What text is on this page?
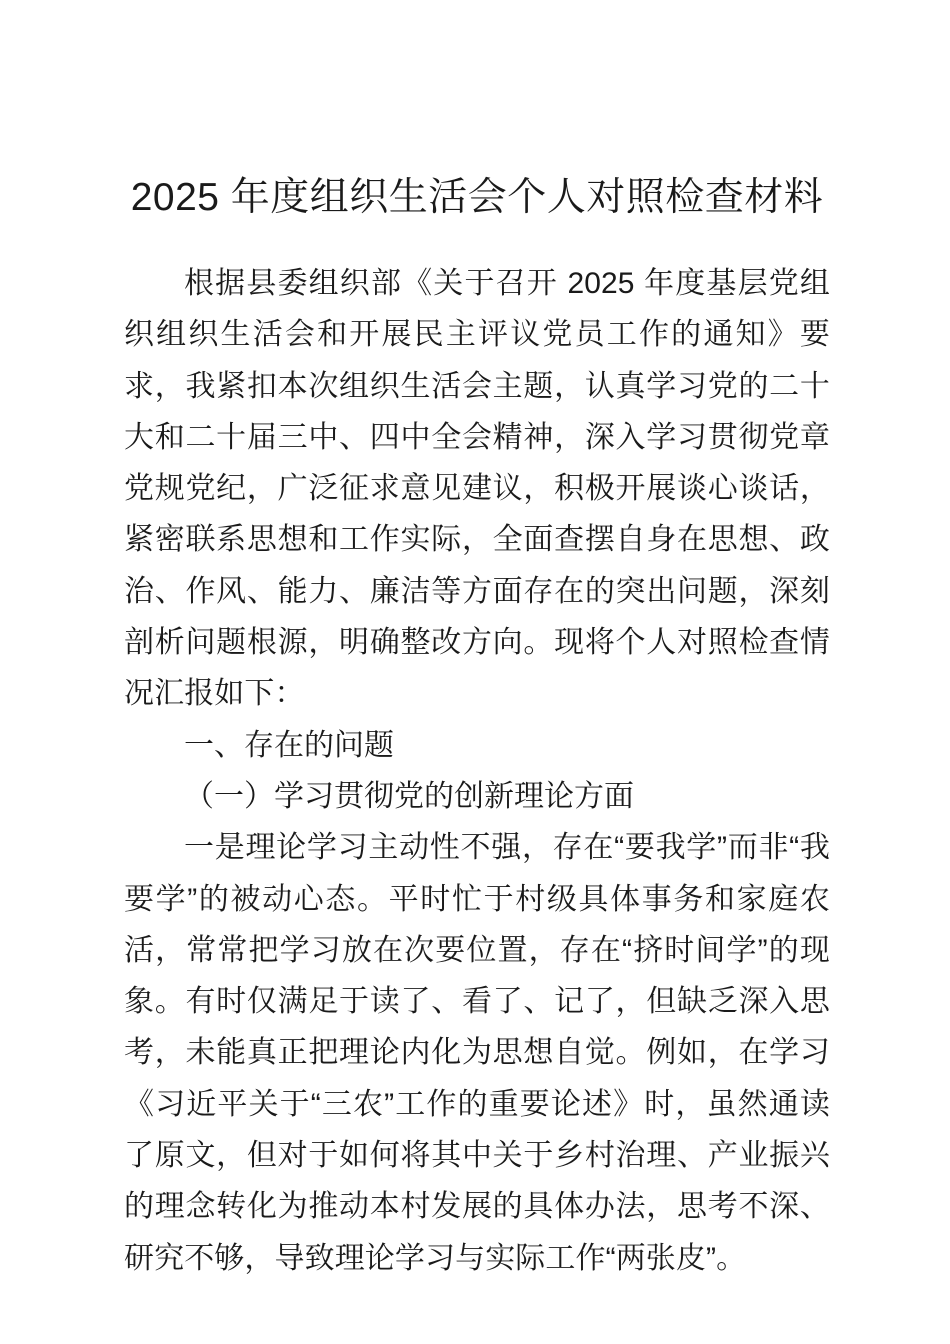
2025 年度组织生活会个人对照检查材料

根据县委组织部《关于召开 2025 年度基层党组织组织生活会和开展民主评议党员工作的通知》要求，我紧扣本次组织生活会主题，认真学习党的二十大和二十届三中、四中全会精神，深入学习贯彻党章党规党纪，广泛征求意见建议，积极开展谈心谈话，紧密联系思想和工作实际，全面查摆自身在思想、政治、作风、能力、廉洁等方面存在的突出问题，深刻剖析问题根源，明确整改方向。现将个人对照检查情况汇报如下：

一、存在的问题

（一）学习贯彻党的创新理论方面

一是理论学习主动性不强，存在“要我学”而非“我要学”的被动心态。平时忙于村级具体事务和家庭农活，常常把学习放在次要位置，存在“挤时间学”的现象。有时仅满足于读了、看了、记了，但缺乏深入思考，未能真正把理论内化为思想自觉。例如，在学习《习近平关于“三农”工作的重要论述》时，虽然通读了原文，但对于如何将其中关于乡村治理、产业振兴的理念转化为推动本村发展的具体办法，思考不深、研究不够，导致理论学习与实际工作“两张皮”。
